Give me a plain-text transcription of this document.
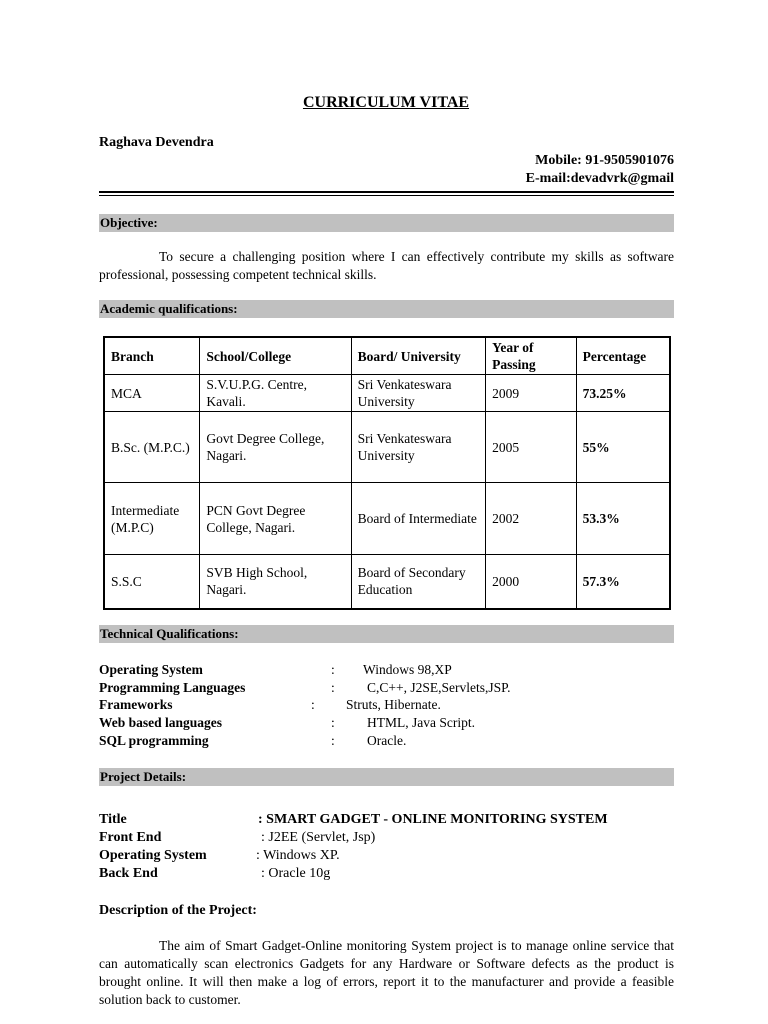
CURRICULUM VITAE
Raghava Devendra
Mobile: 91-9505901076
E-mail:devadvrk@gmail
Objective:
To secure a challenging position where I can effectively contribute my skills as software professional, possessing competent technical skills.
Academic qualifications:
Branch	School/College	Board/ University	Year of Passing	Percentage
MCA	S.V.U.P.G. Centre, Kavali.	Sri Venkateswara University	2009	73.25%
B.Sc. (M.P.C.)	Govt Degree College, Nagari.	Sri Venkateswara University	2005	55%
Intermediate (M.P.C)	PCN Govt Degree College, Nagari.	Board of Intermediate	2002	53.3%
S.S.C	SVB High School, Nagari.	Board of Secondary Education	2000	57.3%
Technical Qualifications:
Operating System	: Windows 98,XP
Programming Languages	: C,C++, J2SE,Servlets,JSP.
Frameworks	: Struts, Hibernate.
Web based languages	: HTML, Java Script.
SQL programming	: Oracle.
Project Details:
Title	: SMART GADGET - ONLINE MONITORING SYSTEM
Front End	: J2EE (Servlet, Jsp)
Operating System	: Windows XP.
Back End	: Oracle 10g
Description of the Project:
The aim of Smart Gadget-Online monitoring System project is to manage online service that can automatically scan electronics Gadgets for any Hardware or Software defects as the product is brought online. It will then make a log of errors, report it to the manufacturer and provide a feasible solution back to customer.
